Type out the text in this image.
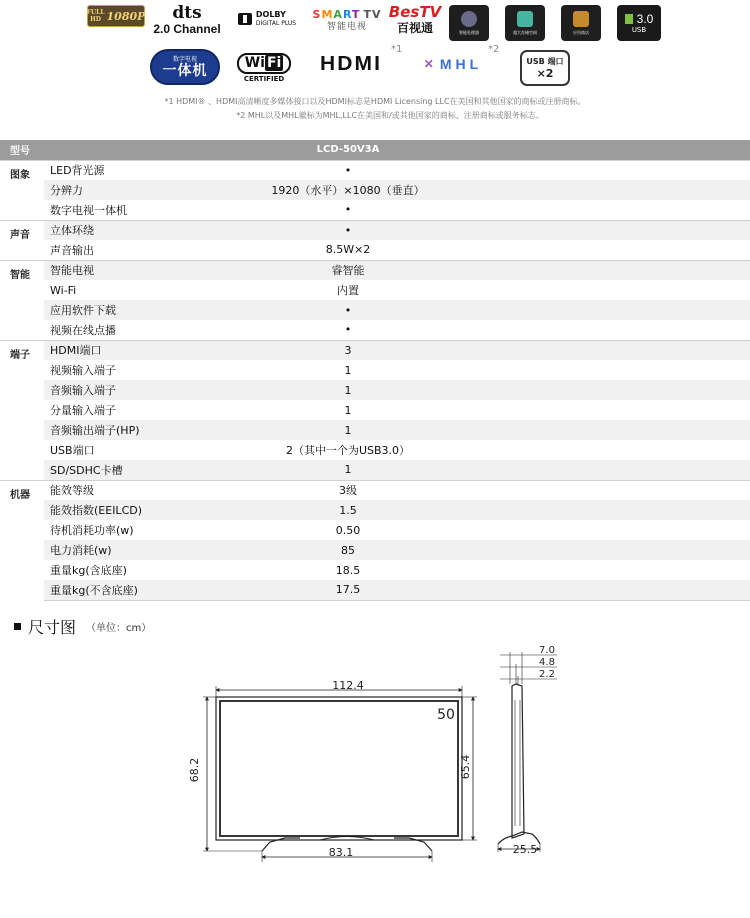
FULL HD 1080P dts
2.0 Channel
DOLBY
DIGITAL PLUS
SMART TV
智能电视
BesTV
百视通	智能处理器	超大存储空间	应用商店
3.0
USB
数字电视
一体机	Wi Fi
CERTIFIED
HDMI
*1
✕ MHL
*2
USB 端口
×2
*1 HDMI® 、HDMI高清晰度多媒体接口以及HDMI标志是HDMI Licensing LLC在美国和其他国家的商标或注册商标。
*2 MHL以及MHL徽标为MHL,LLC在美国和/或其他国家的商标、注册商标或服务标志。
型号		LCD-50V3A
图象	LED背光源	•
	分辨力	1920（水平）×1080（垂直）
	数字电视一体机	•
声音	立体环绕	•
	声音输出	8.5W×2
智能	智能电视	睿智能
	Wi-Fi	内置
	应用软件下载	•
	视频在线点播	•
端子	HDMI端口	3
	视频输入端子	1
	音频输入端子	1
	分量输入端子	1
	音频输出端子(HP)	1
	USB端口	2（其中一个为USB3.0）
	SD/SDHC卡槽	1
机器	能效等级	3级
	能效指数(EEILCD)	1.5
	待机消耗功率(w)	0.50
	电力消耗(w)	85
	重量kg(含底座)	18.5
	重量kg(不含底座)	17.5
尺寸图 （单位：cm）
112.4
68.2	65.4
50
83.1
7.0
4.8
2.2
25.5
